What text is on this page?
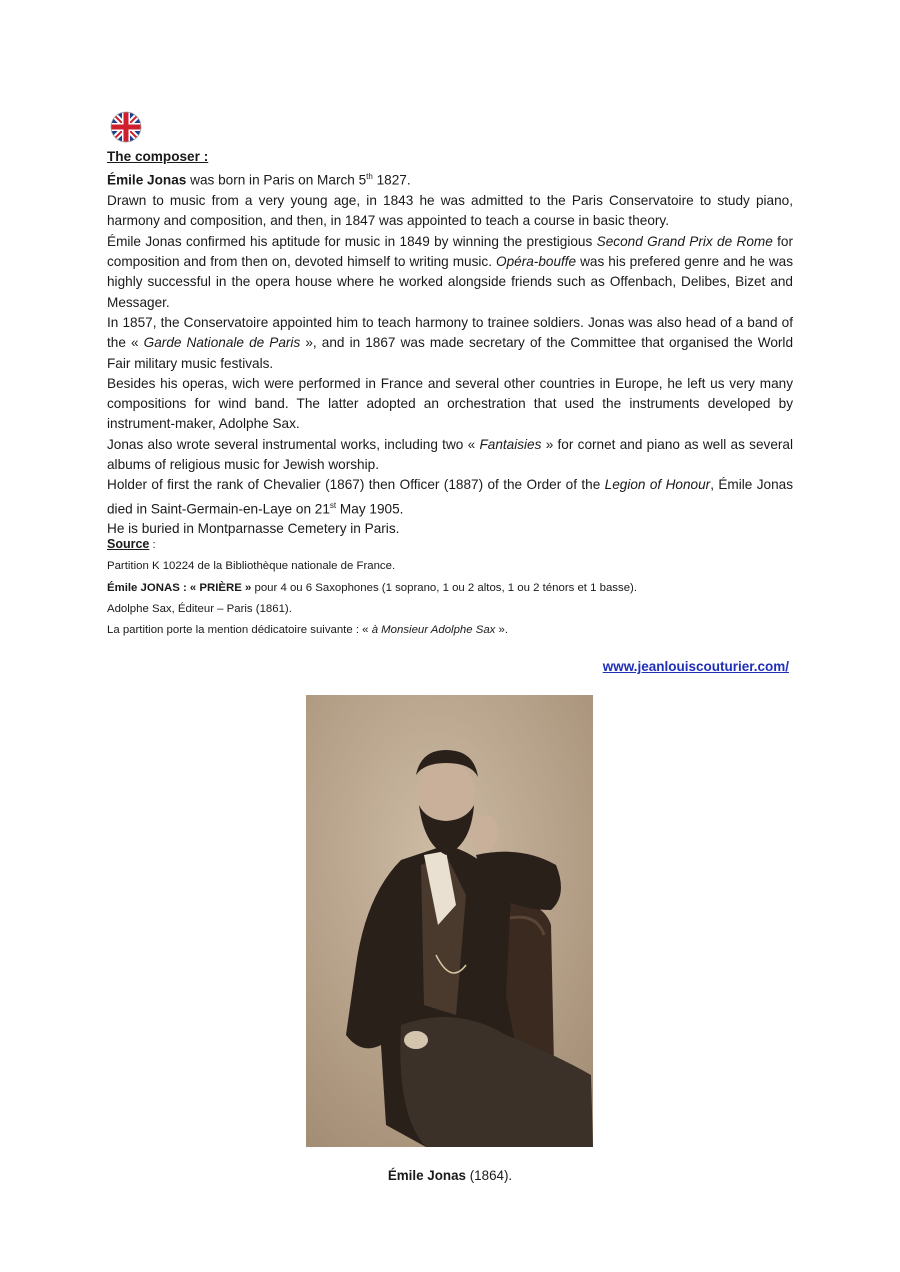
The composer :

Émile Jonas was born in Paris on March 5th 1827.

Drawn to music from a very young age, in 1843 he was admitted to the Paris Conservatoire to study piano, harmony and composition, and then, in 1847 was appointed to teach a course in basic theory.

Émile Jonas confirmed his aptitude for music in 1849 by winning the prestigious Second Grand Prix de Rome for composition and from then on, devoted himself to writing music. Opéra-bouffe was his prefered genre and he was highly successful in the opera house where he worked alongside friends such as Offenbach, Delibes, Bizet and Messager.

In 1857, the Conservatoire appointed him to teach harmony to trainee soldiers. Jonas was also head of a band of the « Garde Nationale de Paris », and in 1867 was made secretary of the Committee that organised the World Fair military music festivals.

Besides his operas, wich were performed in France and several other countries in Europe, he left us very many compositions for wind band. The latter adopted an orchestration that used the instruments developed by instrument-maker, Adolphe Sax.

Jonas also wrote several instrumental works, including two « Fantaisies » for cornet and piano as well as several albums of religious music for Jewish worship.

Holder of first the rank of Chevalier (1867) then Officer (1887) of the Order of the Legion of Honour, Émile Jonas died in Saint-Germain-en-Laye on 21st May 1905.

He is buried in Montparnasse Cemetery in Paris.

Source :

Partition K 10224 de la Bibliothèque nationale de France.

Émile JONAS : « PRIÈRE » pour 4 ou 6 Saxophones (1 soprano, 1 ou 2 altos, 1 ou 2 ténors et 1 basse).

Adolphe Sax, Éditeur – Paris (1861).

La partition porte la mention dédicatoire suivante : « à Monsieur Adolphe Sax ».

www.jeanlouiscouturier.com/
Émile Jonas (1864).
